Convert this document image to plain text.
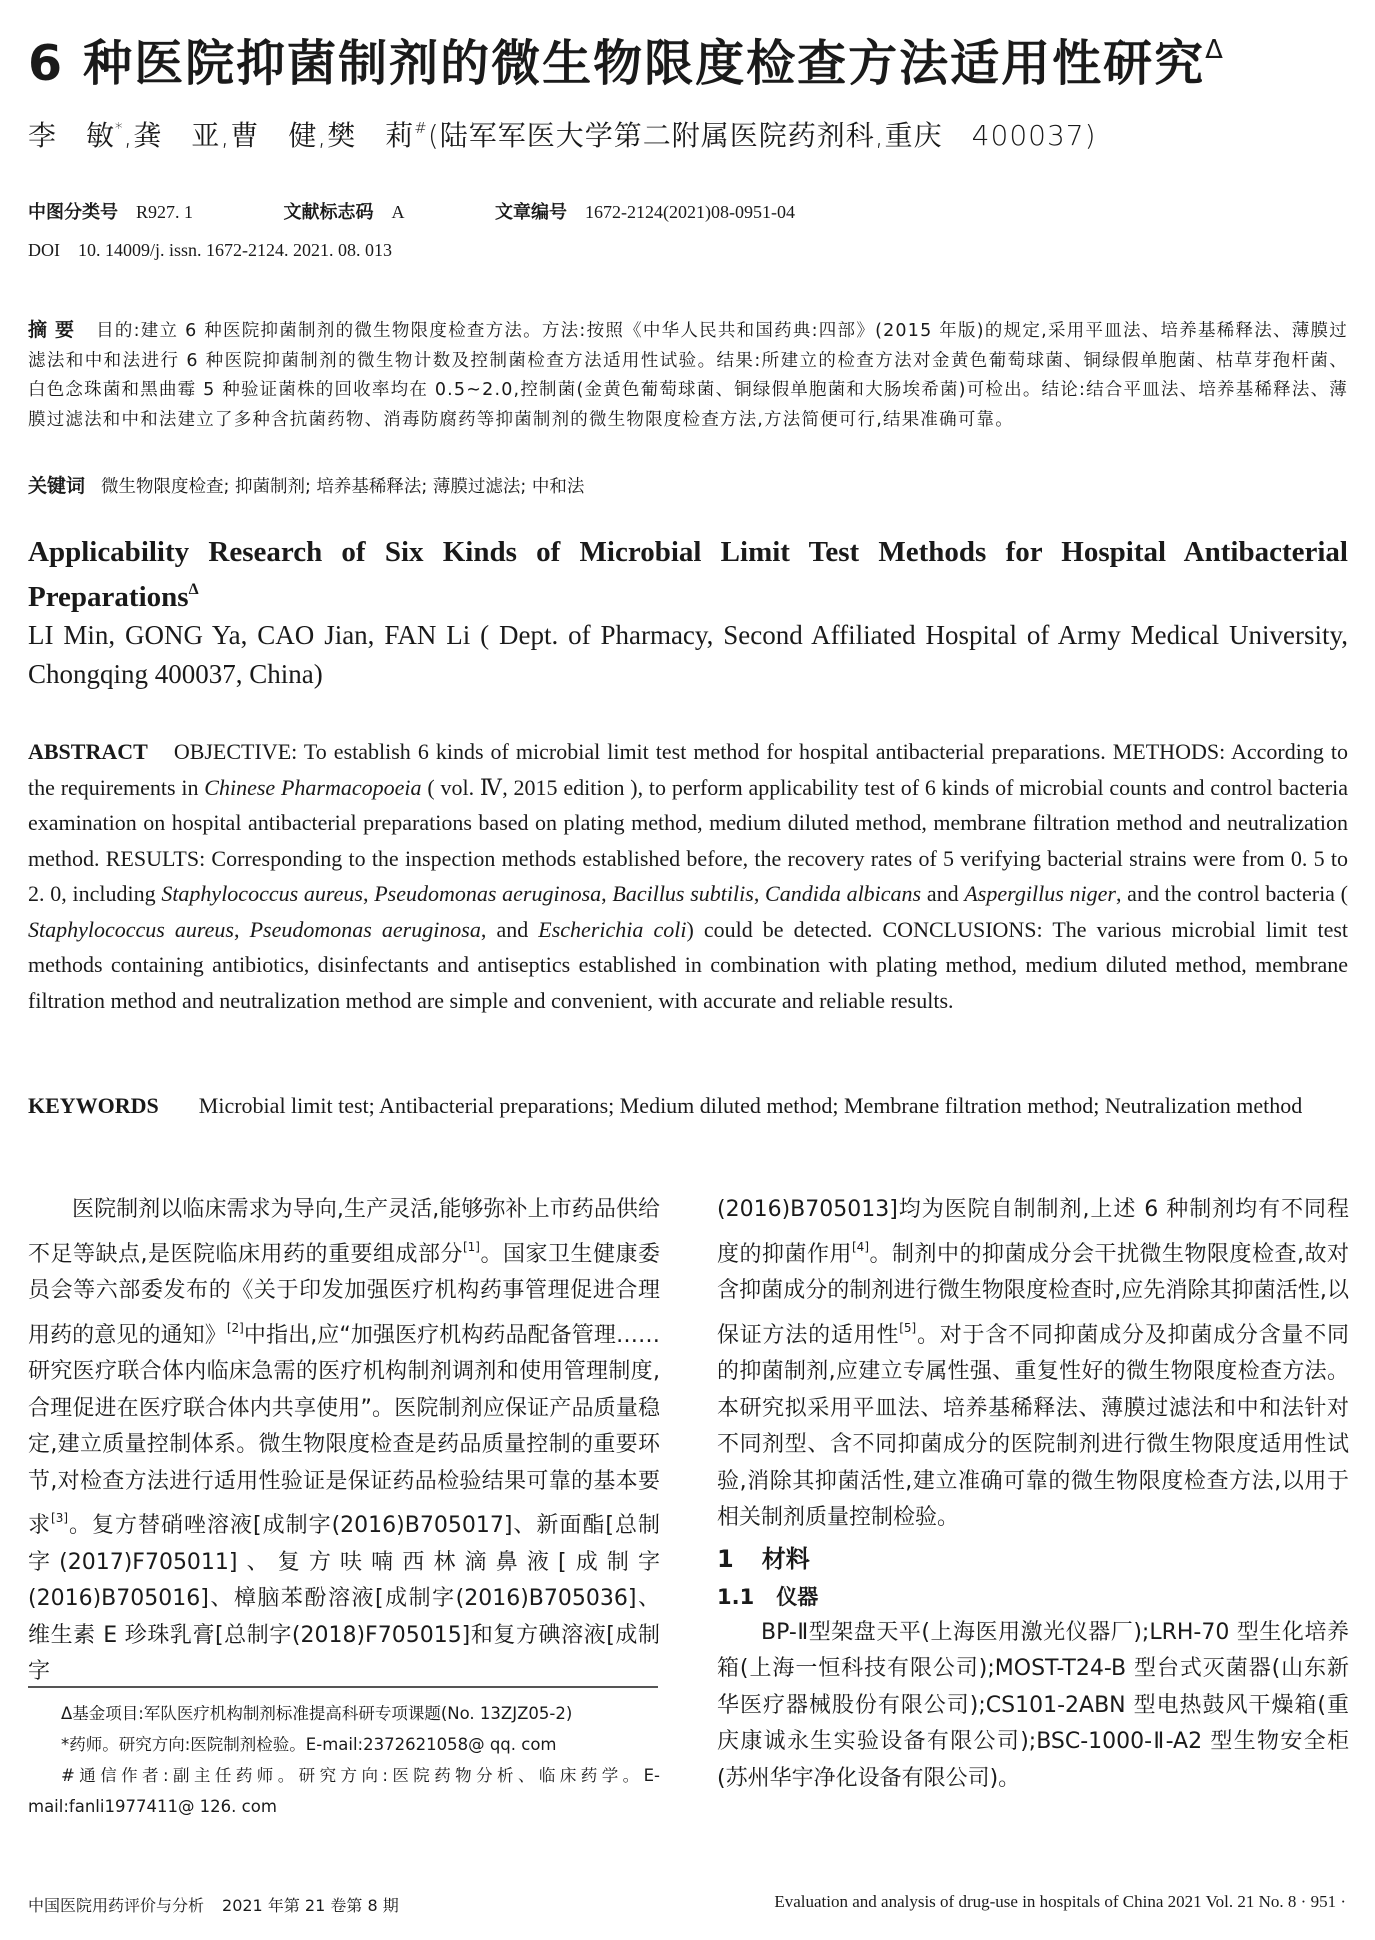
6 种医院抑菌制剂的微生物限度检查方法适用性研究$^\Delta$
李　敏*,龚　亚,曹　健,樊　莉#(陆军军医大学第二附属医院药剂科,重庆　400037)
中图分类号 R927. 1	文献标志码 A	文章编号 1672-2124(2021)08-0951-04
DOI 10. 14009/j. issn. 1672-2124. 2021. 08. 013
摘要 目的:建立 6 种医院抑菌制剂的微生物限度检查方法。方法:按照《中华人民共和国药典:四部》(2015 年版)的规定,采用平皿法、培养基稀释法、薄膜过滤法和中和法进行 6 种医院抑菌制剂的微生物计数及控制菌检查方法适用性试验。结果:所建立的检查方法对金黄色葡萄球菌、铜绿假单胞菌、枯草芽孢杆菌、白色念珠菌和黑曲霉 5 种验证菌株的回收率均在 0.5~2.0,控制菌(金黄色葡萄球菌、铜绿假单胞菌和大肠埃希菌)可检出。结论:结合平皿法、培养基稀释法、薄膜过滤法和中和法建立了多种含抗菌药物、消毒防腐药等抑菌制剂的微生物限度检查方法,方法简便可行,结果准确可靠。
关键词 微生物限度检查; 抑菌制剂; 培养基稀释法; 薄膜过滤法; 中和法
Applicability Research of Six Kinds of Microbial Limit Test Methods for Hospital Antibacterial Preparations$^\Delta$
LI Min, GONG Ya, CAO Jian, FAN Li ( Dept. of Pharmacy, Second Affiliated Hospital of Army Medical University, Chongqing 400037, China)
ABSTRACT OBJECTIVE: To establish 6 kinds of microbial limit test method for hospital antibacterial preparations. METHODS: According to the requirements in Chinese Pharmacopoeia ( vol. Ⅳ, 2015 edition ), to perform applicability test of 6 kinds of microbial counts and control bacteria examination on hospital antibacterial preparations based on plating method, medium diluted method, membrane filtration method and neutralization method. RESULTS: Corresponding to the inspection methods established before, the recovery rates of 5 verifying bacterial strains were from 0. 5 to 2. 0, including Staphylococcus aureus, Pseudomonas aeruginosa, Bacillus subtilis, Candida albicans and Aspergillus niger, and the control bacteria ( Staphylococcus aureus, Pseudomonas aeruginosa, and Escherichia coli) could be detected. CONCLUSIONS: The various microbial limit test methods containing antibiotics, disinfectants and antiseptics established in combination with plating method, medium diluted method, membrane filtration method and neutralization method are simple and convenient, with accurate and reliable results.
KEYWORDS Microbial limit test; Antibacterial preparations; Medium diluted method; Membrane filtration method; Neutralization method

医院制剂以临床需求为导向,生产灵活,能够弥补上市药品供给不足等缺点,是医院临床用药的重要组成部分[1]。国家卫生健康委员会等六部委发布的《关于印发加强医疗机构药事管理促进合理用药的意见的通知》[2]中指出,应“加强医疗机构药品配备管理……研究医疗联合体内临床急需的医疗机构制剂调剂和使用管理制度,合理促进在医疗联合体内共享使用”。医院制剂应保证产品质量稳定,建立质量控制体系。微生物限度检查是药品质量控制的重要环节,对检查方法进行适用性验证是保证药品检验结果可靠的基本要求[3]。复方替硝唑溶液[成制字(2016)B705017]、新面酯[总制字(2017)F705011]、复方呋喃西林滴鼻液[成制字(2016)B705016]、樟脑苯酚溶液[成制字(2016)B705036]、维生素 E 珍珠乳膏[总制字(2018)F705015]和复方碘溶液[成制字

(2016)B705013]均为医院自制制剂,上述 6 种制剂均有不同程度的抑菌作用[4]。制剂中的抑菌成分会干扰微生物限度检查,故对含抑菌成分的制剂进行微生物限度检查时,应先消除其抑菌活性,以保证方法的适用性[5]。对于含不同抑菌成分及抑菌成分含量不同的抑菌制剂,应建立专属性强、重复性好的微生物限度检查方法。本研究拟采用平皿法、培养基稀释法、薄膜过滤法和中和法针对不同剂型、含不同抑菌成分的医院制剂进行微生物限度适用性试验,消除其抑菌活性,建立准确可靠的微生物限度检查方法,以用于相关制剂质量控制检验。

1 材料
1.1 仪器

BP-Ⅱ型架盘天平(上海医用激光仪器厂);LRH-70 型生化培养箱(上海一恒科技有限公司);MOST-T24-B 型台式灭菌器(山东新华医疗器械股份有限公司);CS101-2ABN 型电热鼓风干燥箱(重庆康诚永生实验设备有限公司);BSC-1000-Ⅱ-A2 型生物安全柜(苏州华宇净化设备有限公司)。

Δ基金项目:军队医疗机构制剂标准提高科研专项课题(No. 13ZJZ05-2)

*药师。研究方向:医院制剂检验。E-mail:2372621058@ qq. com

#通信作者:副主任药师。研究方向:医院药物分析、临床药学。E-mail:fanli1977411@ 126. com

中国医院用药评价与分析 2021 年第 21 卷第 8 期	Evaluation and analysis of drug-use in hospitals of China 2021 Vol. 21 No. 8 · 951 ·
